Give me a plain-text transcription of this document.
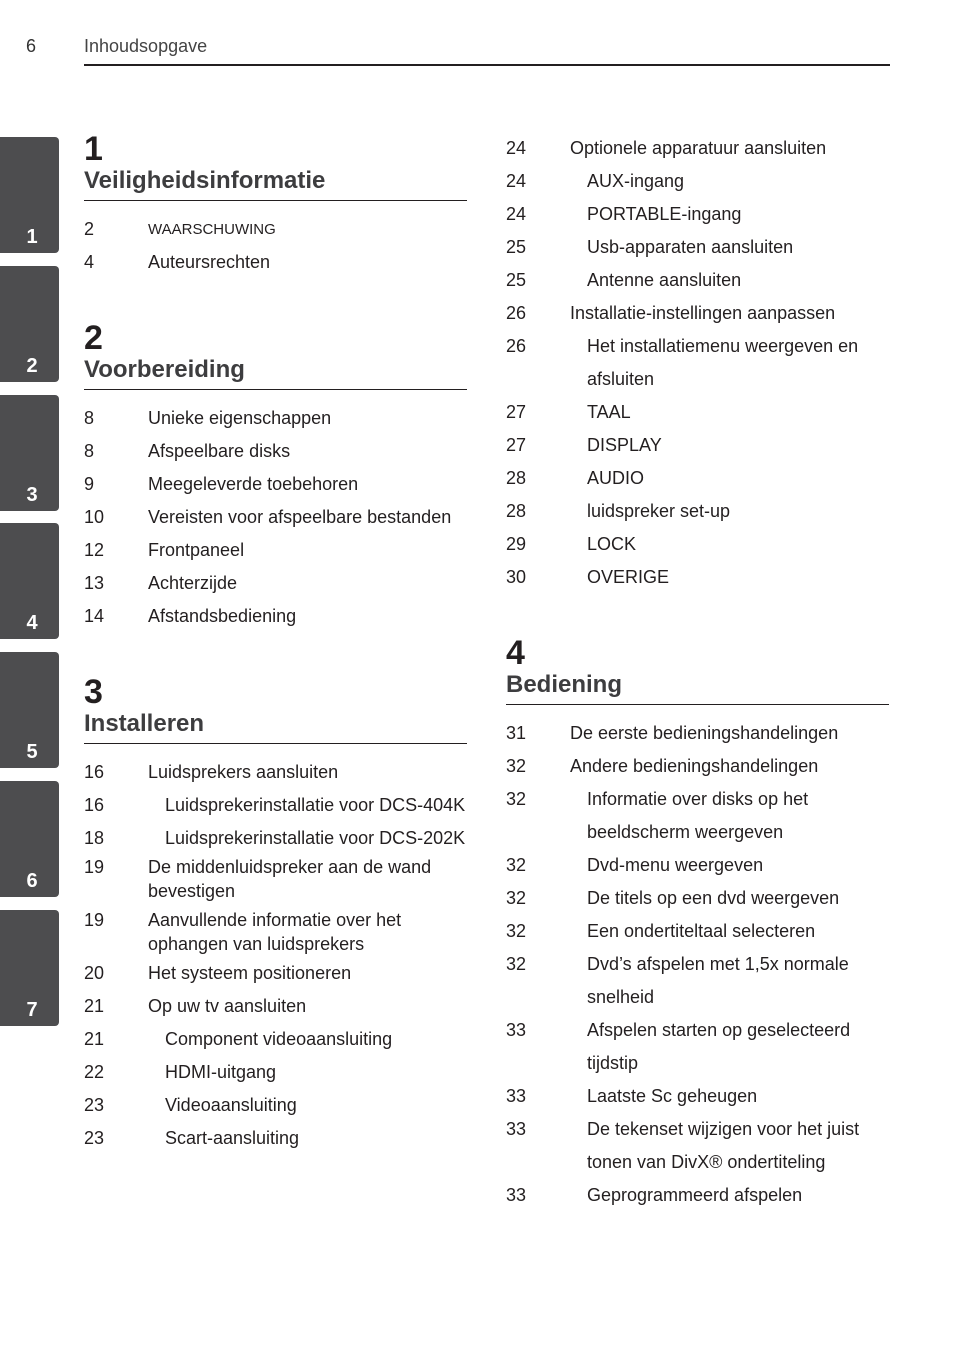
6	Inhoudsopgave
1
2
3
4
5
6
7
1
Veiligheidsinformatie
2	WAARSCHUWING
4	Auteursrechten
2
Voorbereiding
8	Unieke eigenschappen
8	Afspeelbare disks
9	Meegeleverde toebehoren
10	Vereisten voor afspeelbare bestanden
12	Frontpaneel
13	Achterzijde
14	Afstandsbediening
3
Installeren
16	Luidsprekers aansluiten
16	Luidsprekerinstallatie voor DCS-404K
18	Luidsprekerinstallatie voor DCS-202K
19	De middenluidspreker aan de wand bevestigen
19	Aanvullende informatie over het ophangen van luidsprekers
20	Het systeem positioneren
21	Op uw tv aansluiten
21	Component videoaansluiting
22	HDMI-uitgang
23	Videoaansluiting
23	Scart-aansluiting
24	Optionele apparatuur aansluiten
24	AUX-ingang
24	PORTABLE-ingang
25	Usb-apparaten aansluiten
25	Antenne aansluiten
26	Installatie-instellingen aanpassen
26	Het installatiemenu weergeven en afsluiten
27	TAAL
27	DISPLAY
28	AUDIO
28	luidspreker set-up
29	LOCK
30	OVERIGE
4
Bediening
31	De eerste bedieningshandelingen
32	Andere bedieningshandelingen
32	Informatie over disks op het beeldscherm weergeven
32	Dvd-menu weergeven
32	De titels op een dvd weergeven
32	Een ondertiteltaal selecteren
32	Dvd’s afspelen met 1,5x normale snelheid
33	Afspelen starten op geselecteerd tijdstip
33	Laatste Sc geheugen
33	De tekenset wijzigen voor het juist tonen van DivX® ondertiteling
33	Geprogrammeerd afspelen
